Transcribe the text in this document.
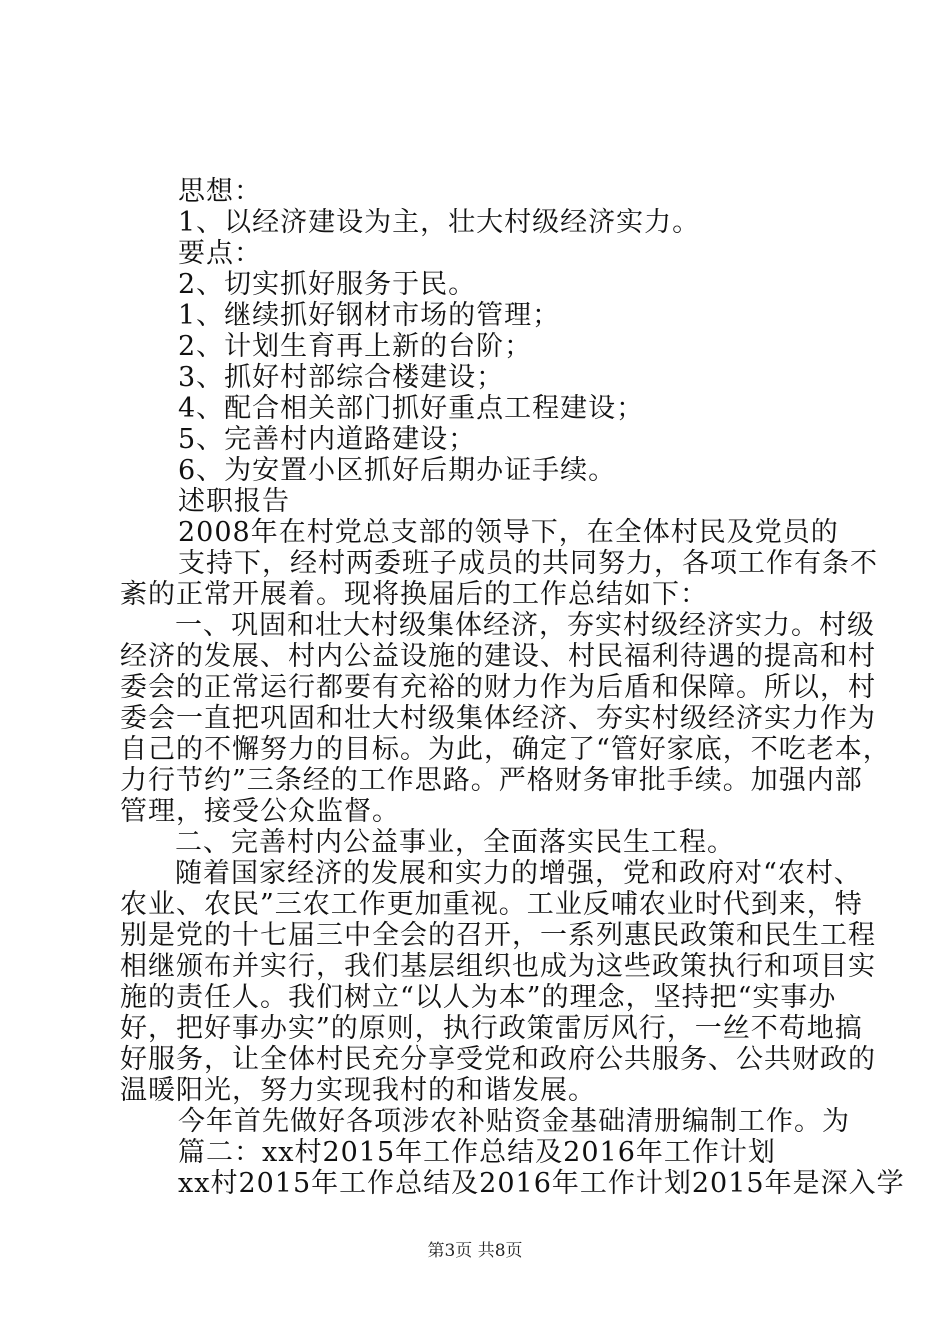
思想：
1、以经济建设为主，壮大村级经济实力。
要点：
2、切实抓好服务于民。
1、继续抓好钢材市场的管理；
2、计划生育再上新的台阶；
3、抓好村部综合楼建设；
4、配合相关部门抓好重点工程建设；
5、完善村内道路建设；
6、为安置小区抓好后期办证手续。
述职报告
2008年在村党总支部的领导下，在全体村民及党员的
支持下，经村两委班子成员的共同努力，各项工作有条不
紊的正常开展着。现将换届后的工作总结如下：
一、巩固和壮大村级集体经济，夯实村级经济实力。村级
经济的发展、村内公益设施的建设、村民福利待遇的提高和村
委会的正常运行都要有充裕的财力作为后盾和保障。所以，村
委会一直把巩固和壮大村级集体经济、夯实村级经济实力作为
自己的不懈努力的目标。为此，确定了“管好家底，不吃老本，
力行节约”三条经的工作思路。严格财务审批手续。加强内部
管理，接受公众监督。
二、完善村内公益事业，全面落实民生工程。
随着国家经济的发展和实力的增强，党和政府对“农村、
农业、农民”三农工作更加重视。工业反哺农业时代到来，特
别是党的十七届三中全会的召开，一系列惠民政策和民生工程
相继颁布并实行，我们基层组织也成为这些政策执行和项目实
施的责任人。我们树立“以人为本”的理念，坚持把“实事办
好，把好事办实”的原则，执行政策雷厉风行，一丝不苟地搞
好服务，让全体村民充分享受党和政府公共服务、公共财政的
温暖阳光，努力实现我村的和谐发展。
今年首先做好各项涉农补贴资金基础清册编制工作。为
篇二：xx村2015年工作总结及2016年工作计划
xx村2015年工作总结及2016年工作计划2015年是深入学
第3页 共8页
